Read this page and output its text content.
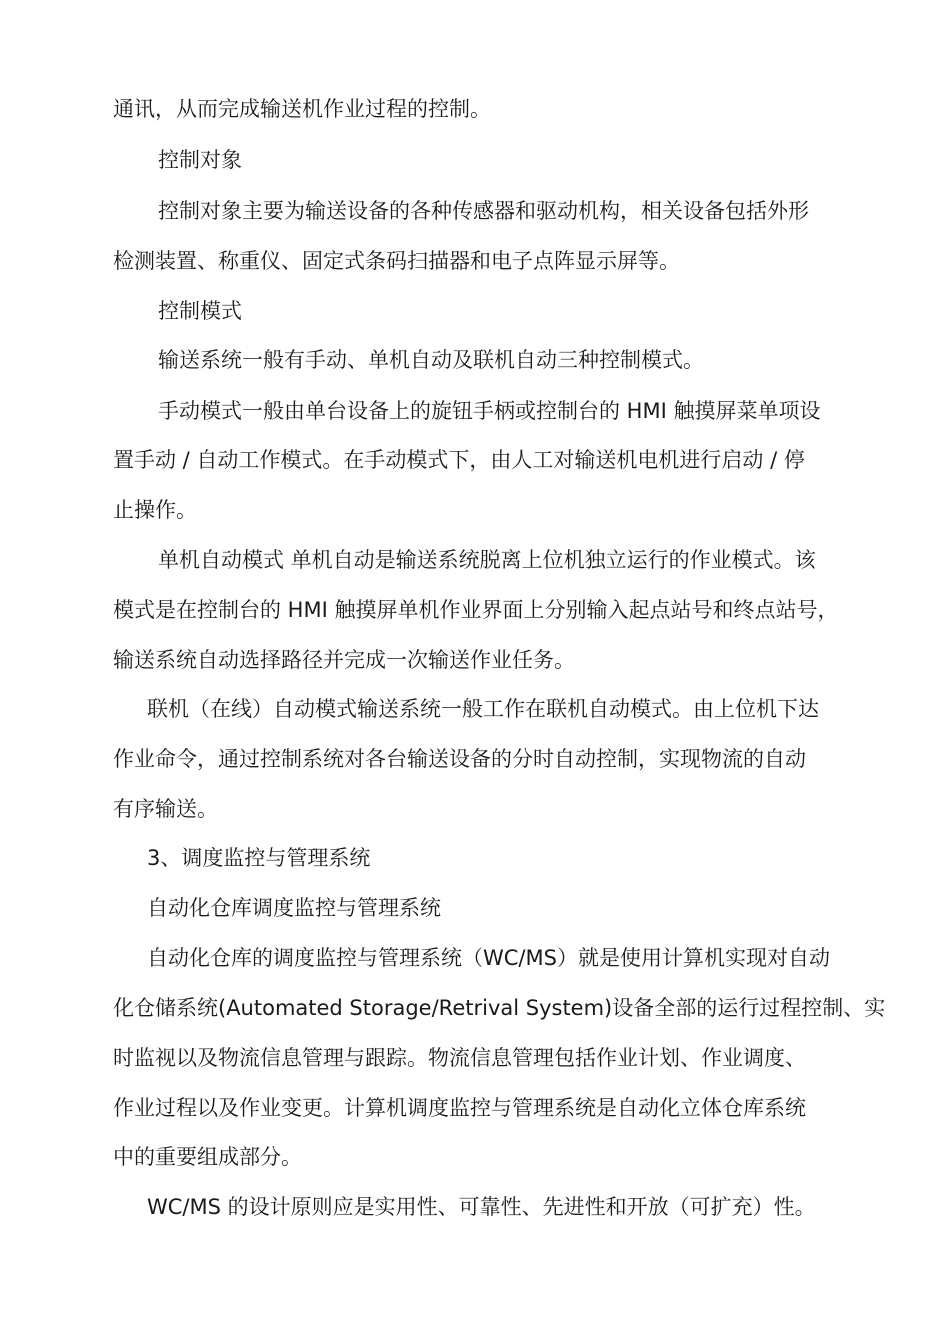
通讯，从而完成输送机作业过程的控制。
控制对象
控制对象主要为输送设备的各种传感器和驱动机构，相关设备包括外形
检测装置、称重仪、固定式条码扫描器和电子点阵显示屏等。
控制模式
输送系统一般有手动、单机自动及联机自动三种控制模式。
手动模式一般由单台设备上的旋钮手柄或控制台的 HMI 触摸屏菜单项设
置手动 / 自动工作模式。在手动模式下，由人工对输送机电机进行启动 / 停
止操作。
单机自动模式 单机自动是输送系统脱离上位机独立运行的作业模式。该
模式是在控制台的 HMI 触摸屏单机作业界面上分别输入起点站号和终点站号，
输送系统自动选择路径并完成一次输送作业任务。
联机（在线）自动模式输送系统一般工作在联机自动模式。由上位机下达
作业命令，通过控制系统对各台输送设备的分时自动控制，实现物流的自动
有序输送。
3、调度监控与管理系统
自动化仓库调度监控与管理系统
自动化仓库的调度监控与管理系统（WC/MS）就是使用计算机实现对自动
化仓储系统(Automated Storage/Retrival System)设备全部的运行过程控制、实
时监视以及物流信息管理与跟踪。物流信息管理包括作业计划、作业调度、
作业过程以及作业变更。计算机调度监控与管理系统是自动化立体仓库系统
中的重要组成部分。
WC/MS 的设计原则应是实用性、可靠性、先进性和开放（可扩充）性。
